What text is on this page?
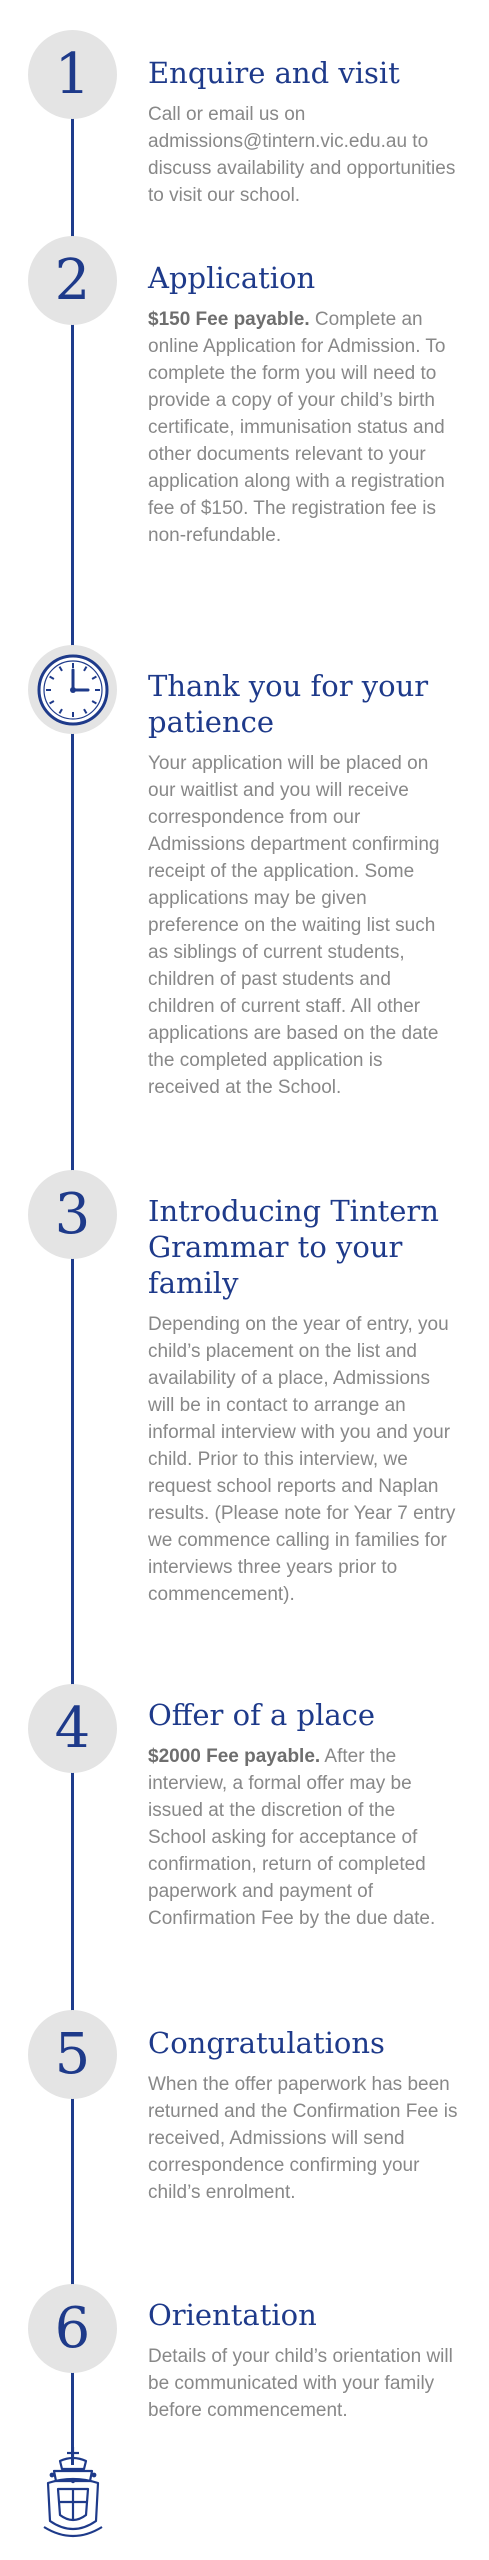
1 Enquire and visit

Call or email us on admissions@tintern.vic.edu.au to discuss availability and opportunities to visit our school.

2 Application

$150 Fee payable. Complete an online Application for Admission. To complete the form you will need to provide a copy of your child’s birth certificate, immunisation status and other documents relevant to your application along with a registration fee of $150. The registration fee is non-refundable.

Thank you for your patience

Your application will be placed on our waitlist and you will receive correspondence from our Admissions department confirming receipt of the application. Some applications may be given preference on the waiting list such as siblings of current students, children of past students and children of current staff. All other applications are based on the date the completed application is received at the School.

3 Introducing Tintern Grammar to your family

Depending on the year of entry, you child’s placement on the list and availability of a place, Admissions will be in contact to arrange an informal interview with you and your child. Prior to this interview, we request school reports and Naplan results. (Please note for Year 7 entry we commence calling in families for interviews three years prior to commencement).

4 Offer of a place

$2000 Fee payable. After the interview, a formal offer may be issued at the discretion of the School asking for acceptance of confirmation, return of completed paperwork and payment of Confirmation Fee by the due date.

5 Congratulations

When the offer paperwork has been returned and the Confirmation Fee is received, Admissions will send correspondence confirming your child’s enrolment.

6 Orientation

Details of your child’s orientation will be communicated with your family before commencement.
